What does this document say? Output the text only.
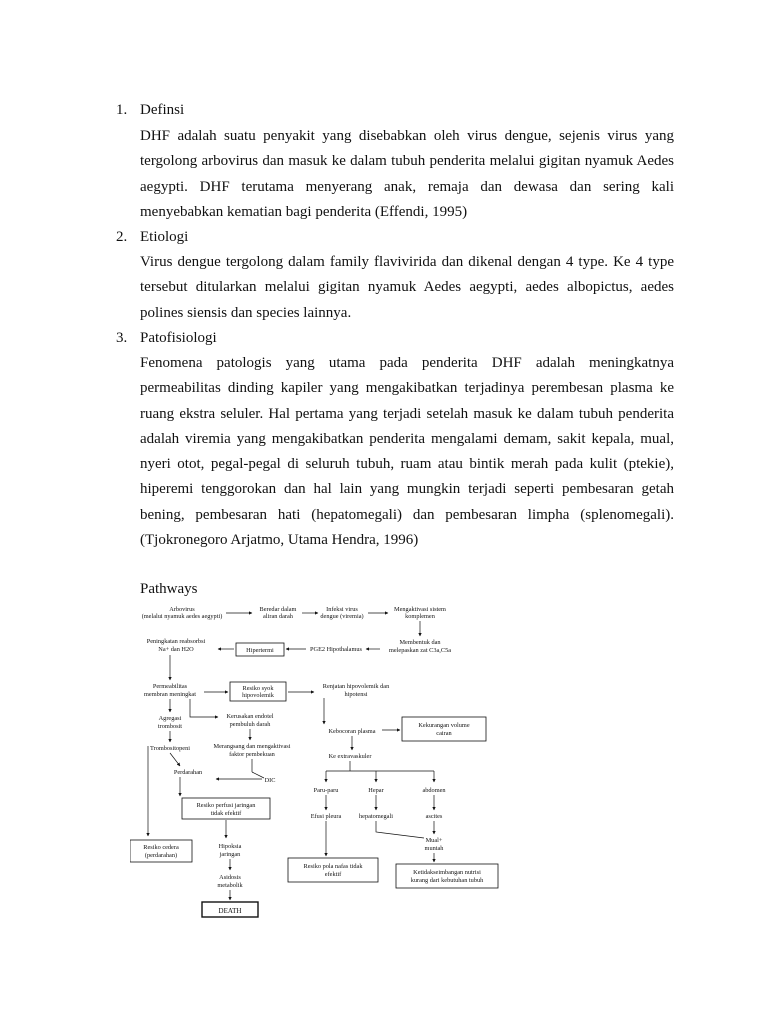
1. Definsi

DHF adalah suatu penyakit yang disebabkan oleh virus dengue, sejenis virus yang tergolong arbovirus dan masuk ke dalam tubuh penderita melalui gigitan nyamuk Aedes aegypti. DHF terutama menyerang anak, remaja dan dewasa dan sering kali menyebabkan kematian bagi penderita (Effendi, 1995)

2. Etiologi

Virus dengue tergolong dalam family flavivirida dan dikenal dengan 4 type. Ke 4 type tersebut ditularkan melalui gigitan nyamuk Aedes aegypti, aedes albopictus, aedes polines siensis dan species lainnya.

3. Patofisiologi

Fenomena patologis yang utama pada penderita DHF adalah meningkatnya permeabilitas dinding kapiler yang mengakibatkan terjadinya perembesan plasma ke ruang ekstra seluler. Hal pertama yang terjadi setelah masuk ke dalam tubuh penderita adalah viremia yang mengakibatkan penderita mengalami demam, sakit kepala, mual, nyeri otot, pegal-pegal di seluruh tubuh, ruam atau bintik merah pada kulit (ptekie), hiperemi tenggorokan dan hal lain yang mungkin terjadi seperti pembesaran getah bening, pembesaran hati (hepatomegali) dan pembesaran limpha (splenomegali). (Tjokronegoro Arjatmo, Utama Hendra, 1996)

Pathways
Arbovirus
(melalui nyamuk aedes aegypti)
Beredar dalam
aliran darah
Infeksi virus
dengue (viremia)
Mengaktivasi sistem
komplemen
Membentuk dan
melepaskan zat C3a,C5a
PGE2 Hipothalamus
Hipertermi
Peningkatan reabsorbsi
Na+ dan H2O
Permeabilitas
membran meningkat
Resiko syok
hipovolemik
Renjatan hipovolemik dan
hipotensi
Agregasi
trombosit
Kerusakan endotel
pembuluh darah
Kebocoran plasma
Kekurangan volume
cairan
Trombositopeni	Merangsang dan mengaktivasi
faktor pembekuan	Ke extravaskuler
Perdarahan
DIC
Paru-paru	Hepar	abdomen
Resiko perfusi jaringan
tidak efektif	Efusi pleura	hepatomegali	ascites
Resiko cedera
(perdarahan)
Hipoksia
jaringan
Mual+
muntah
Resiko pola nafas tidak
efektif	Ketidakseimbangan nutrisi
kurang dari kebutuhan tubuh
Asidosis
metabolik
DEATH
